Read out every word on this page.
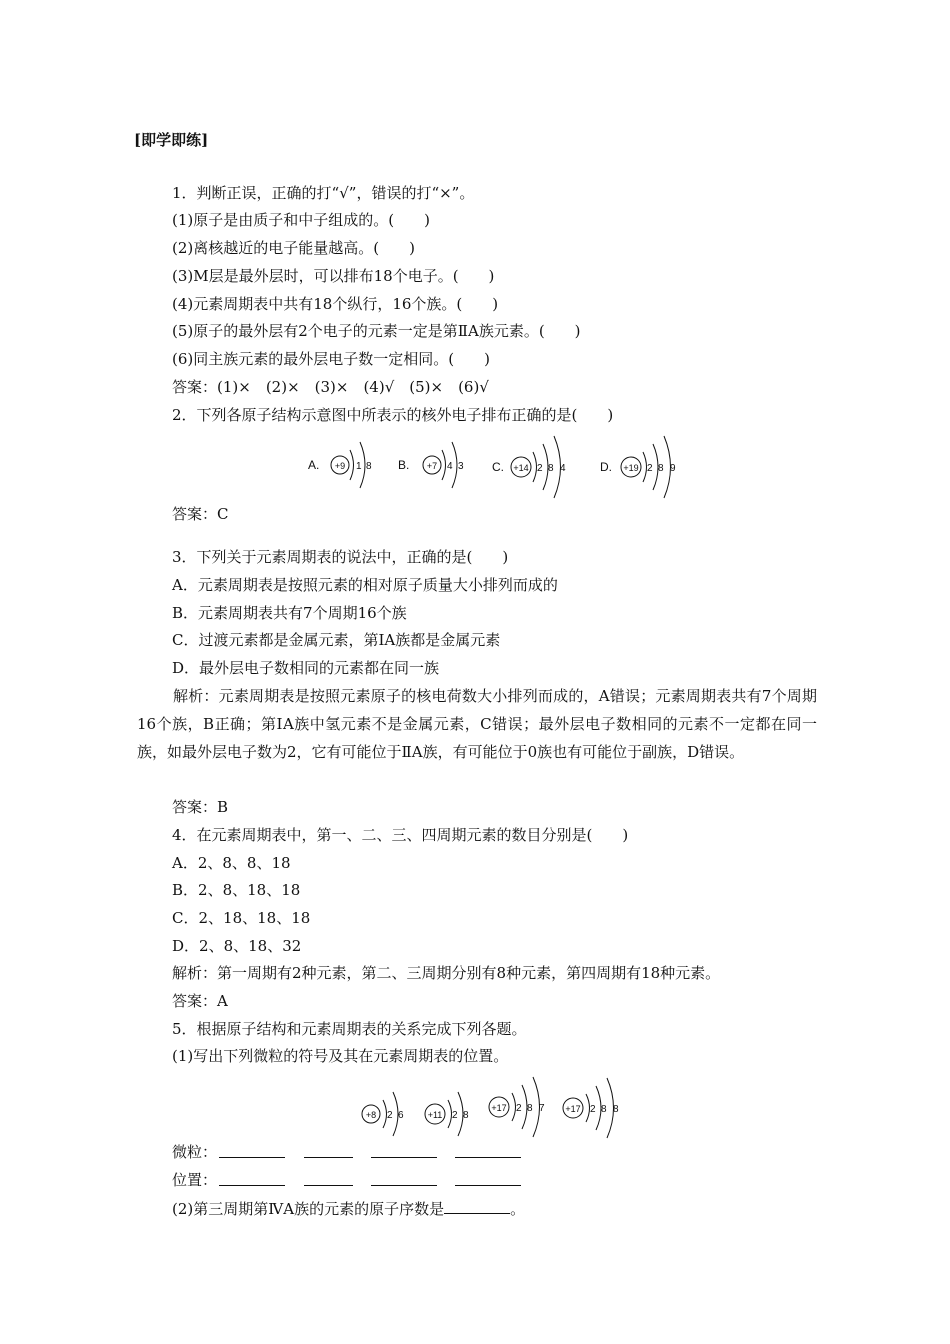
[即学即练]
1．判断正误，正确的打“√”，错误的打“×”。
(1)原子是由质子和中子组成的。(　　)
(2)离核越近的电子能量越高。(　　)
(3)M层是最外层时，可以排布18个电子。(　　)
(4)元素周期表中共有18个纵行，16个族。(　　)
(5)原子的最外层有2个电子的元素一定是第ⅡA族元素。(　　)
(6)同主族元素的最外层电子数一定相同。(　　)
答案：(1)×　(2)×　(3)×　(4)√　(5)×　(6)√
2．下列各原子结构示意图中所表示的核外电子排布正确的是(　　)
A. +9 1 8 B. +7 4 3 C. +14 2 8 4	D. +19 2 8 9
答案：C
3．下列关于元素周期表的说法中，正确的是(　　)
A．元素周期表是按照元素的相对原子质量大小排列而成的
B．元素周期表共有7个周期16个族
C．过渡元素都是金属元素，第ⅠA族都是金属元素
D．最外层电子数相同的元素都在同一族
解析：元素周期表是按照元素原子的核电荷数大小排列而成的，A错误；元素周期表共有7个周期16个族，B正确；第ⅠA族中氢元素不是金属元素，C错误；最外层电子数相同的元素不一定都在同一族，如最外层电子数为2，它有可能位于ⅡA族，有可能位于0族也有可能位于副族，D错误。
答案：B
4．在元素周期表中，第一、二、三、四周期元素的数目分别是(　　)
A．2、8、8、18
B．2、8、18、18
C．2、18、18、18
D．2、8、18、32
解析：第一周期有2种元素，第二、三周期分别有8种元素，第四周期有18种元素。
答案：A
5．根据原子结构和元素周期表的关系完成下列各题。
(1)写出下列微粒的符号及其在元素周期表的位置。
+8 2 6	+11 2 8
+17 2 8 7 +17 2 8 8
微粒：
位置：
(2)第三周期第ⅣA族的元素的原子序数是	。
